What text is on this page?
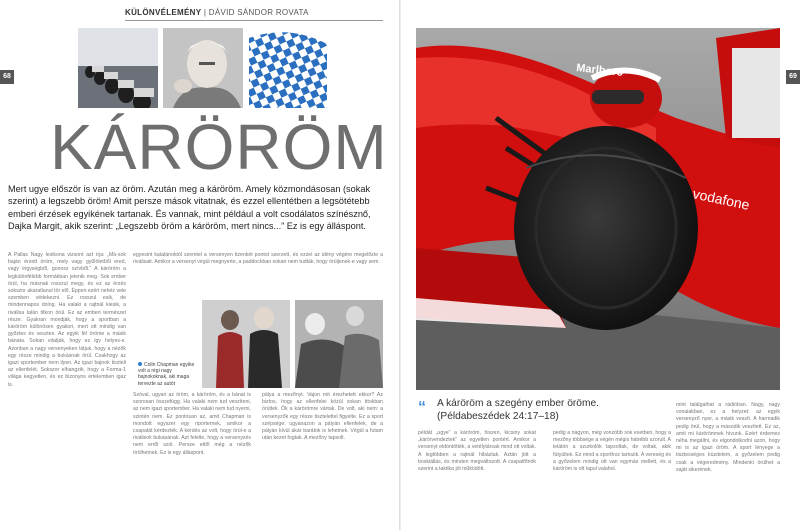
68	69
KÜLÖNVÉLEMÉNY | DÁVID SÁNDOR ROVATA
KÁRÖRÖM
Mert ugye először is van az öröm. Azután meg a káröröm. Amely közmondásosan (sokak szerint) a legszebb öröm! Amit persze mások vitatnak, és ezzel ellentétben a legsötétebb emberi érzések egyikének tartanak. És vannak, mint például a volt csodálatos színésznő, Dajka Margit, akik szerint: „Legszebb öröm a káröröm, mert nincs...” Ez is egy álláspont.
A Pallas Nagy lexikona vizsont azt írja: „Má-sok baján érzett öröm, mely vagy gyűlöletből ered, vagy irigységből, gonosz szívből.” A káröröm a legkülönfélébb formákban jelenik meg. Sok ember örül, ha másnak rosszul megy, és ez az érzés sokszor akaratlanul tör elő. Éppen ezért nehéz vele szemben védekezni. Ez rosszul esik, de mindennapos dolog. Ha valaki a rajtnál kiesik, a riválisa talán titkon örül. Ez az emberi természet része. Gyakran mondják, hogy a sportban a káröröm különösen gyakori, mert ott mindig van győztes és vesztes. Az egyik fél öröme a másik bánata. Sokan vitatják, hogy ez így helyes-e. Azonban a nagy versenyeken látjuk, hogy a nézők egy része mindig a bukásnak örül. Csakhogy az igazi sportember nem ilyen. Az igazi bajnok tiszteli az ellenfelét. Sokszor elhangzik, hogy a Forma-1 világa kegyetlen, és ez bizonyos értelemben igaz is.
egyesint katalánoktól szemtel a versenyen tizenkét pontot szerzett, és ezzel az idény végére megelőzte a riválisait. Amikor a versenyt végül megnyerte, a paddockban sokan nem tudták, hogy örüljenek-e vagy sem.
Colin Chapman egyike volt a régi nagy bajnokoknak, aki maga tervezte az autót
Szóval, ugyan az öröm, a káröröm, és a bánat is szorosan összefügg. Ha valaki nem tud veszíteni, az nem igazi sportember. Ha valaki nem tud nyerni, szintén nem. Ez pontosan az, amit Chapman is mondott egyszer egy riporternek, amikor a csapatát kérdezték. A kérdés az volt, hogy örül-e a riválisok bukásának. Azt felelte, hogy a versenyzés nem erről szól. Persze ettől még a nézők örülhetnek. Ez is egy álláspont.
pálya a mezőnyt. Vajon mit érezhetett ekkor? Az biztos, hogy az ellenfelei közül sokan titokban örültek. Ők a kárörömre vártak. De volt, aki nem: a versenyzők egy része tisztelettel figyelte. Ez a sport szépsége: ugyanazon a pályán ellenfelek, de a pályán kívül akár barátok is lehetnek. Végül a futam után kezet fogtak. A mezőny tapsolt.
Marlboro
vodafone
“ A káröröm a szegény ember öröme.
(Példabeszédek 24:17–18)
példát „ugye” a káröröm, hiszen, kicsiny sokat „kárörvendeztek” az egyetlen pontért. Amikor a versenyt eldöntötték, a vetélytársak mind ott voltak. A legtöbben a rajtnál hibáztak. Aztán jött a boxkiállás, és minden megváltozott. A csapatfőnök szerint a taktika jól működött.
pedig a nagyon, még vonzóbb sok esetben, hogy a mezőny többsége a végén mégis hátrébb szorult. A lelátón a szurkolók tapsoltak, de voltak, akik fütyültek. Ez mind a sporthoz tartozik. A vereség és a győzelem mindig ott van egymás mellett, és a káröröm is ott lapul valahol.
mint találgathat a rádióban. Nagy, nagy vonalakban, ez a helyzet: az egyik versenyző nyer, a másik veszít. A harmadik pedig örül, hogy a második veszített. Ez az, amit mi kárörömnek hívunk. Ezért érdemes néha megállni, és elgondolkodni azon, hogy mi is az igazi öröm. A sport lényege a tisztességes küzdelem, a győzelem pedig csak a végeredmény. Mindenki örülhet a saját sikerének.
